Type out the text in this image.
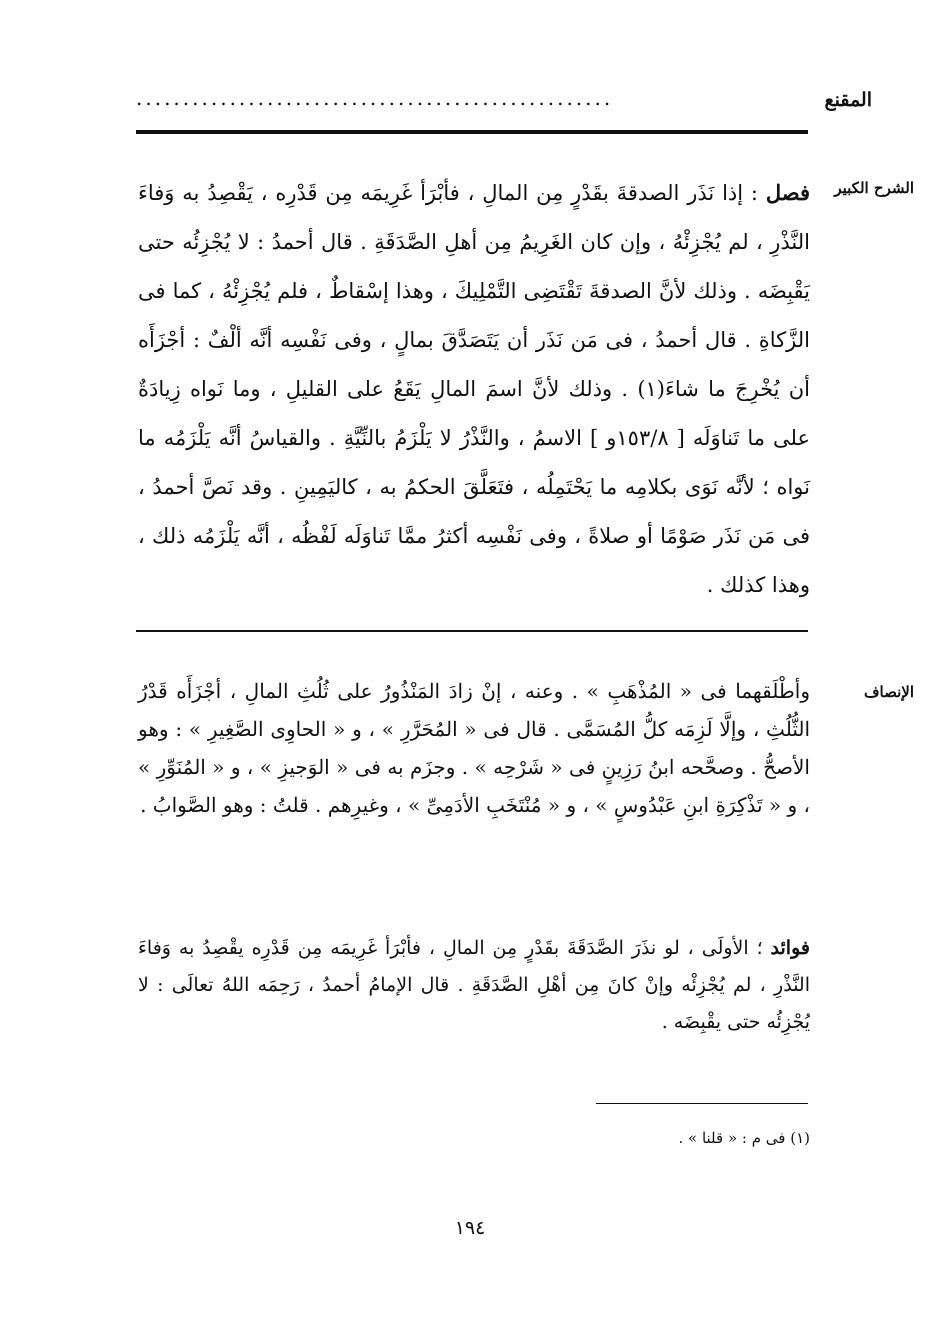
المقنع
...................................................
الشرح الكبير
فصل : إذا نَذَر الصدقةَ بقَدْرٍ مِن المالِ ، فأبْرَأ غَرِيمَه مِن قَدْرِه ، يَقْصِدُ به وَفاءَ النَّذْرِ ، لم يُجْزِئْهُ ، وإن كان الغَرِيمُ مِن أهلِ الصَّدَقَةِ . قال أحمدُ : لا يُجْزِئُه حتى يَقْبِضَه . وذلك لأنَّ الصدقةَ تَقْتَضِى التَّمْلِيكَ ، وهذا إسْقاطٌ ، فلم يُجْزِئْهُ ، كما فى الزَّكاةِ . قال أحمدُ ، فى مَن نَذَر أن يَتَصَدَّقَ بمالٍ ، وفى نَفْسِه أنَّه ألْفٌ : أجْزَأَه أن يُخْرِجَ ما شاءَ(١) . وذلك لأنَّ اسمَ المالِ يَقَعُ على القليلِ ، وما نَواه زِيادَةٌ على ما تَناوَلَه [ ١٥٣/٨و ] الاسمُ ، والنَّذْرُ لا يَلْزَمُ بالنِّيَّةِ . والقياسُ أنَّه يَلْزَمُه ما نَواه ؛ لأنَّه نَوَى بكلامِه ما يَحْتَمِلُه ، فتَعَلَّقَ الحكمُ به ، كاليَمِينِ . وقد نَصَّ أحمدُ ، فى مَن نَذَر صَوْمًا أو صلاةً ، وفى نَفْسِه أكثرُ ممَّا تَناوَلَه لَفْظُه ، أنَّه يَلْزَمُه ذلك ، وهذا كذلك .
الإنصاف
وأطْلَقهما فى « المُذْهَبِ » . وعنه ، إنْ زادَ المَنْذُورُ على ثُلُثِ المالِ ، أجْزَأَه قَدْرُ الثُّلُثِ ، وإلَّا لَزِمَه كلُّ المُسَمَّى . قال فى « المُحَرَّرِ » ، و « الحاوِى الصَّغِيرِ » : وهو الأصحُّ . وصحَّحه ابنُ رَزِينٍ فى « شَرْحِه » . وجزَم به فى « الوَجيزِ » ، و « المُنَوِّرِ » ، و « تَذْكِرَةِ ابنِ عَبْدُوسٍ » ، و « مُنْتَخَبِ الأدَمِىِّ » ، وغيرِهم . قلتُ : وهو الصَّوابُ .
فوائد ؛ الأولَى ، لو نذَرَ الصَّدَقَةَ بقَدْرٍ مِن المالِ ، فأبْرَأ غَرِيمَه مِن قَدْرِه يقْصِدُ به وَفاءَ النَّذْرِ ، لم يُجْزِئْه وإنْ كانَ مِن أهْلِ الصَّدَقَةِ . قال الإمامُ أحمدُ ، رَحِمَه اللهُ تعالَى : لا يُجْزِئُه حتى يقْبِضَه .
(١) فى م : « قلنا » .
١٩٤
